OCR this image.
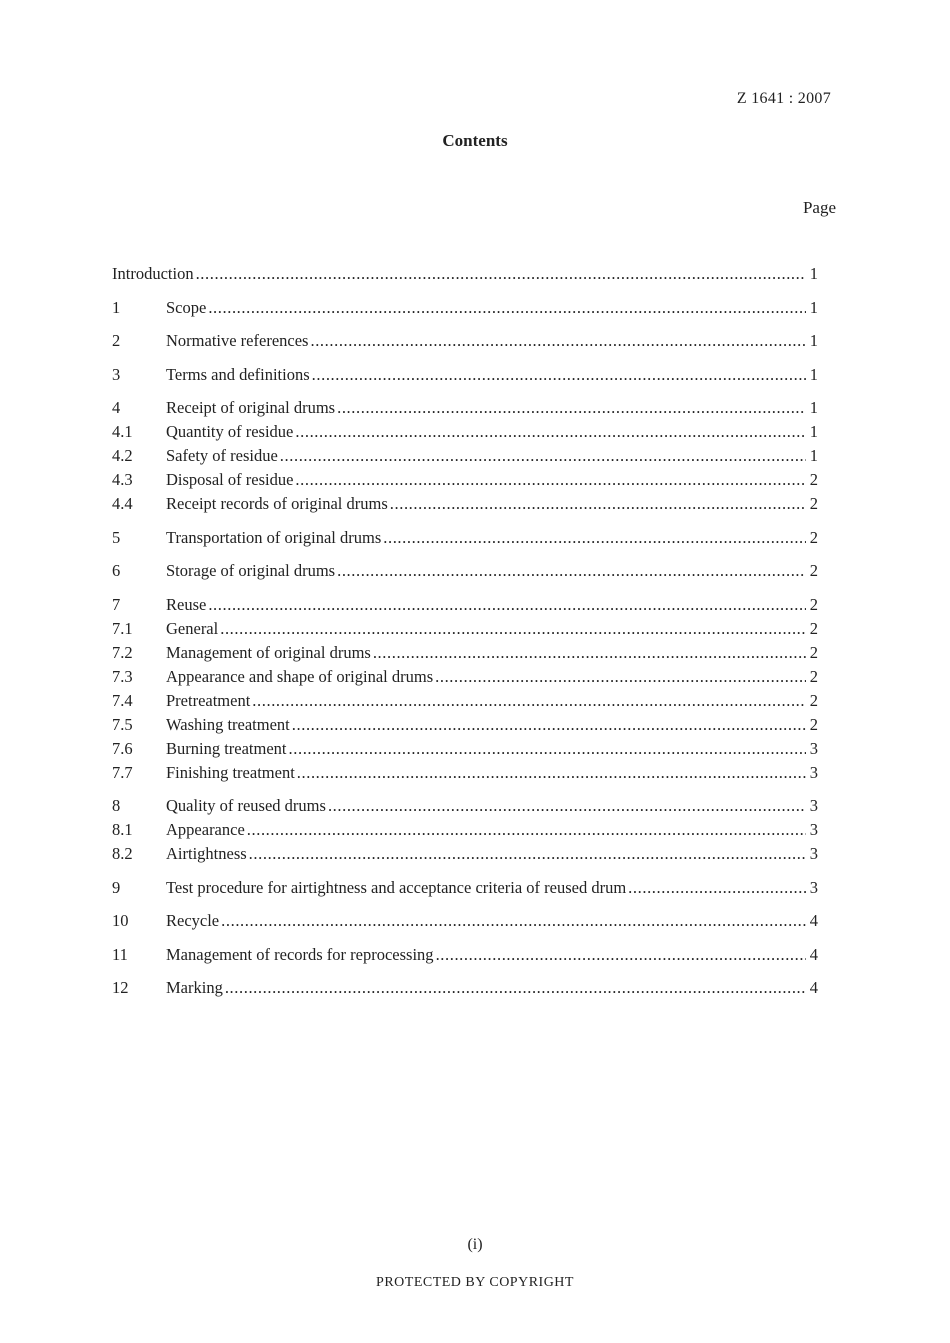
Z 1641 : 2007
Contents
Page
Introduction .....	1
1	Scope .....	1
2	Normative references .....	1
3	Terms and definitions .....	1
4	Receipt of original drums .....	1
4.1	Quantity of residue .....	1
4.2	Safety of residue .....	1
4.3	Disposal of residue .....	2
4.4	Receipt records of original drums .....	2
5	Transportation of original drums .....	2
6	Storage of original drums .....	2
7	Reuse .....	2
7.1	General .....	2
7.2	Management of original drums .....	2
7.3	Appearance and shape of original drums .....	2
7.4	Pretreatment .....	2
7.5	Washing treatment .....	2
7.6	Burning treatment .....	3
7.7	Finishing treatment .....	3
8	Quality of reused drums .....	3
8.1	Appearance .....	3
8.2	Airtightness .....	3
9	Test procedure for airtightness and acceptance criteria of reused drum .....	3
10	Recycle .....	4
11	Management of records for reprocessing .....	4
12	Marking .....	4
(i)
PROTECTED BY COPYRIGHT
